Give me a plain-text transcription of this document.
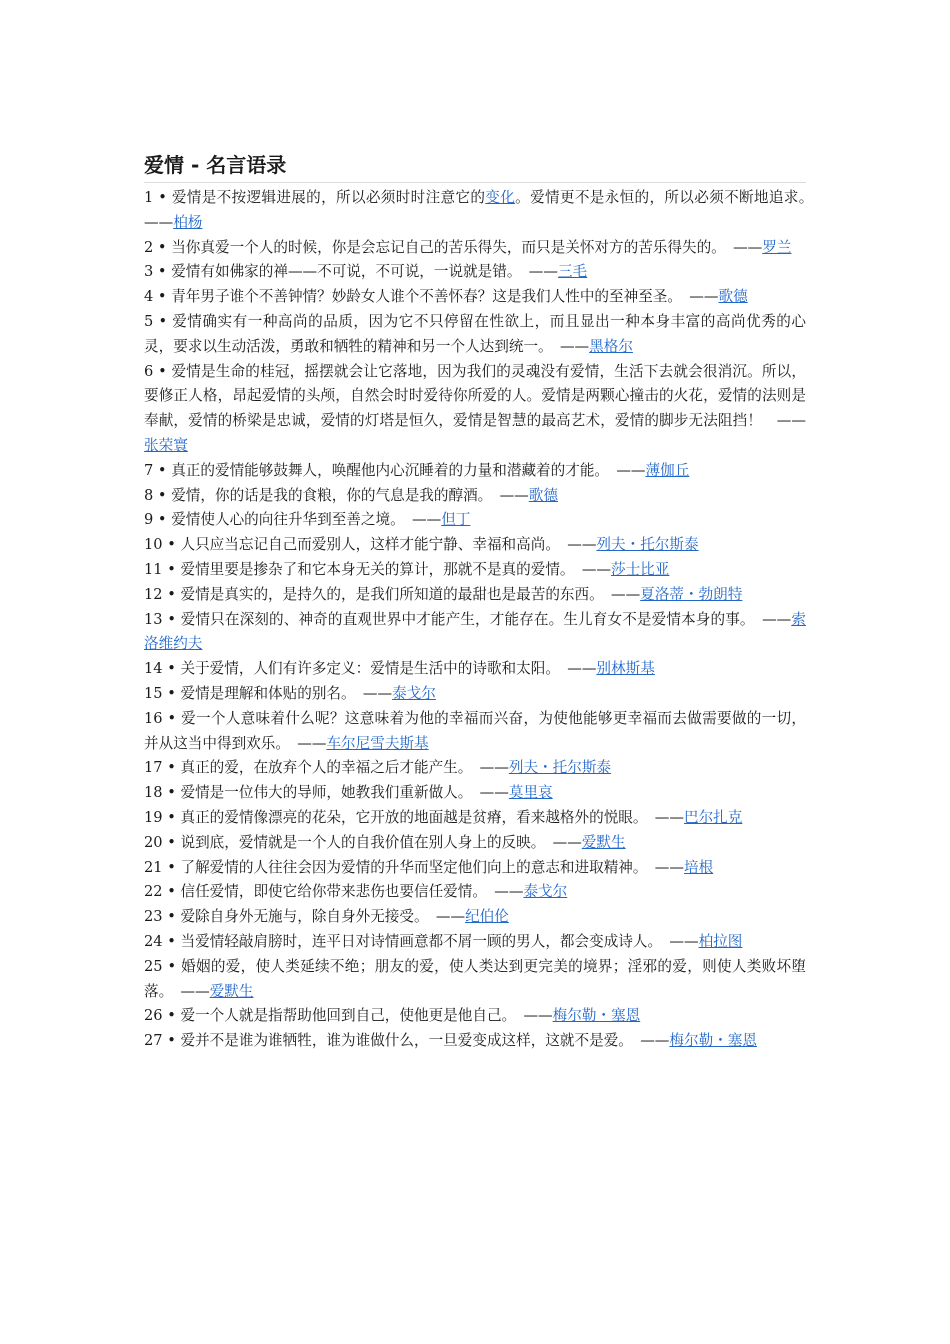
爱情 - 名言语录
1 • 爱情是不按逻辑进展的，所以必须时时注意它的变化。爱情更不是永恒的，所以必须不断地追求。　——柏杨
2 • 当你真爱一个人的时候，你是会忘记自己的苦乐得失，而只是关怀对方的苦乐得失的。　 ——罗兰
3 • 爱情有如佛家的禅——不可说，不可说，一说就是错。　 ——三毛
4 • 青年男子谁个不善钟情？妙龄女人谁个不善怀春？这是我们人性中的至神至圣。　 ——歌德
5 • 爱情确实有一种高尚的品质，因为它不只停留在性欲上，而且显出一种本身丰富的高尚优秀的心灵，要求以生动活泼，勇敢和牺牲的精神和另一个人达到统一。　 ——黑格尔
6 • 爱情是生命的桂冠，摇摆就会让它落地，因为我们的灵魂没有爱情，生活下去就会很消沉。所以，要修正人格，昂起爱情的头颅，自然会时时爱待你所爱的人。爱情是两颗心撞击的火花，爱情的法则是奉献，爱情的桥梁是忠诚，爱情的灯塔是恒久，爱情是智慧的最高艺术，爱情的脚步无法阻挡！　 ——张荣寰
7 • 真正的爱情能够鼓舞人，唤醒他内心沉睡着的力量和潜藏着的才能。　 ——薄伽丘
8 • 爱情，你的话是我的食粮，你的气息是我的醇酒。　 ——歌德
9 • 爱情使人心的向往升华到至善之境。　 ——但丁
10 • 人只应当忘记自己而爱别人，这样才能宁静、幸福和高尚。　 ——列夫・托尔斯泰
11 • 爱情里要是掺杂了和它本身无关的算计，那就不是真的爱情。　 ——莎士比亚
12 • 爱情是真实的，是持久的，是我们所知道的最甜也是最苦的东西。　 ——夏洛蒂・勃朗特
13 • 爱情只在深刻的、神奇的直观世界中才能产生，才能存在。生儿育女不是爱情本身的事。　 ——索洛维约夫
14 • 关于爱情，人们有许多定义：爱情是生活中的诗歌和太阳。　 ——别林斯基
15 • 爱情是理解和体贴的别名。　 ——泰戈尔
16 • 爱一个人意味着什么呢？这意味着为他的幸福而兴奋，为使他能够更幸福而去做需要做的一切，并从这当中得到欢乐。　 ——车尔尼雪夫斯基
17 • 真正的爱，在放弃个人的幸福之后才能产生。　 ——列夫・托尔斯泰
18 • 爱情是一位伟大的导师，她教我们重新做人。　 ——莫里哀
19 • 真正的爱情像漂亮的花朵，它开放的地面越是贫瘠，看来越格外的悦眼。　 ——巴尔扎克
20 • 说到底，爱情就是一个人的自我价值在别人身上的反映。　 ——爱默生
21 • 了解爱情的人往往会因为爱情的升华而坚定他们向上的意志和进取精神。　 ——培根
22 • 信任爱情，即使它给你带来悲伤也要信任爱情。　 ——泰戈尔
23 • 爱除自身外无施与，除自身外无接受。　 ——纪伯伦
24 • 当爱情轻敲肩膀时，连平日对诗情画意都不屑一顾的男人，都会变成诗人。　 ——柏拉图
25 • 婚姻的爱，使人类延续不绝；朋友的爱，使人类达到更完美的境界；淫邪的爱，则使人类败坏堕落。　 ——爱默生
26 • 爱一个人就是指帮助他回到自己，使他更是他自己。　 ——梅尔勒・塞恩
27 • 爱并不是谁为谁牺牲，谁为谁做什么，一旦爱变成这样，这就不是爱。　 ——梅尔勒・塞恩
